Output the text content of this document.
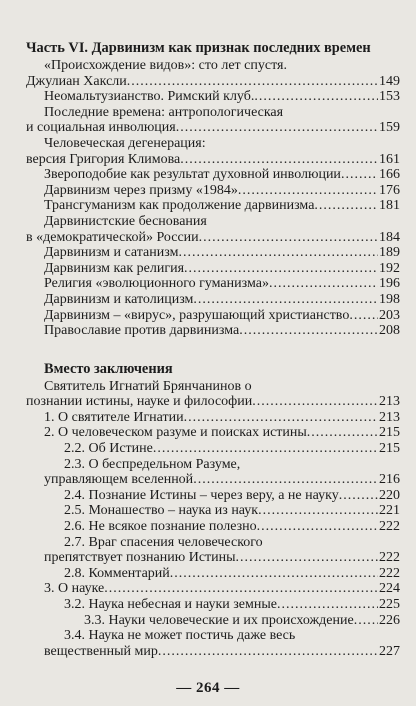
Часть VI. Дарвинизм как признак последних времен
«Происхождение видов»: сто лет спустя.
Джулиан Хаксли .....	149
Неомальтузианство. Римский клуб. .....	153
Последние времена: антропологическая
и социальная инволюция .....	159
Человеческая дегенерация:
версия Григория Климова .....	161
Звероподобие как результат духовной инволюции .....	166
Дарвинизм через призму «1984» .....	176
Трансгуманизм как продолжение дарвинизма .....	181
Дарвинистские беснования
в «демократической» России .....	184
Дарвинизм и сатанизм .....	189
Дарвинизм как религия .....	192
Религия «эволюционного гуманизма» .....	196
Дарвинизм и католицизм .....	198
Дарвинизм – «вирус», разрушающий христианство ..... 203
Православие против дарвинизма .....	208
Вместо заключения
Святитель Игнатий Брянчанинов о
познании истины, науке и философии .....	213
1. О святителе Игнатии .....	213
2. О человеческом разуме и поисках истины .....	215
2.2. Об Истине .....	215
2.3. О беспредельном Разуме,
управляющем вселенной .....	216
2.4. Познание Истины – через веру, а не науку .....	220
2.5. Монашество – наука из наук .....	221
2.6. Не всякое познание полезно .....	222
2.7. Враг спасения человеческого
препятствует познанию Истины .....	222
2.8. Комментарий .....	222
3. О науке .....	224
3.2. Наука небесная и науки земные .....	225
3.3. Науки человеческие и их происхождение ..... 226
3.4. Наука не может постичь даже весь
вещественный мир .....	227
— 264 —
